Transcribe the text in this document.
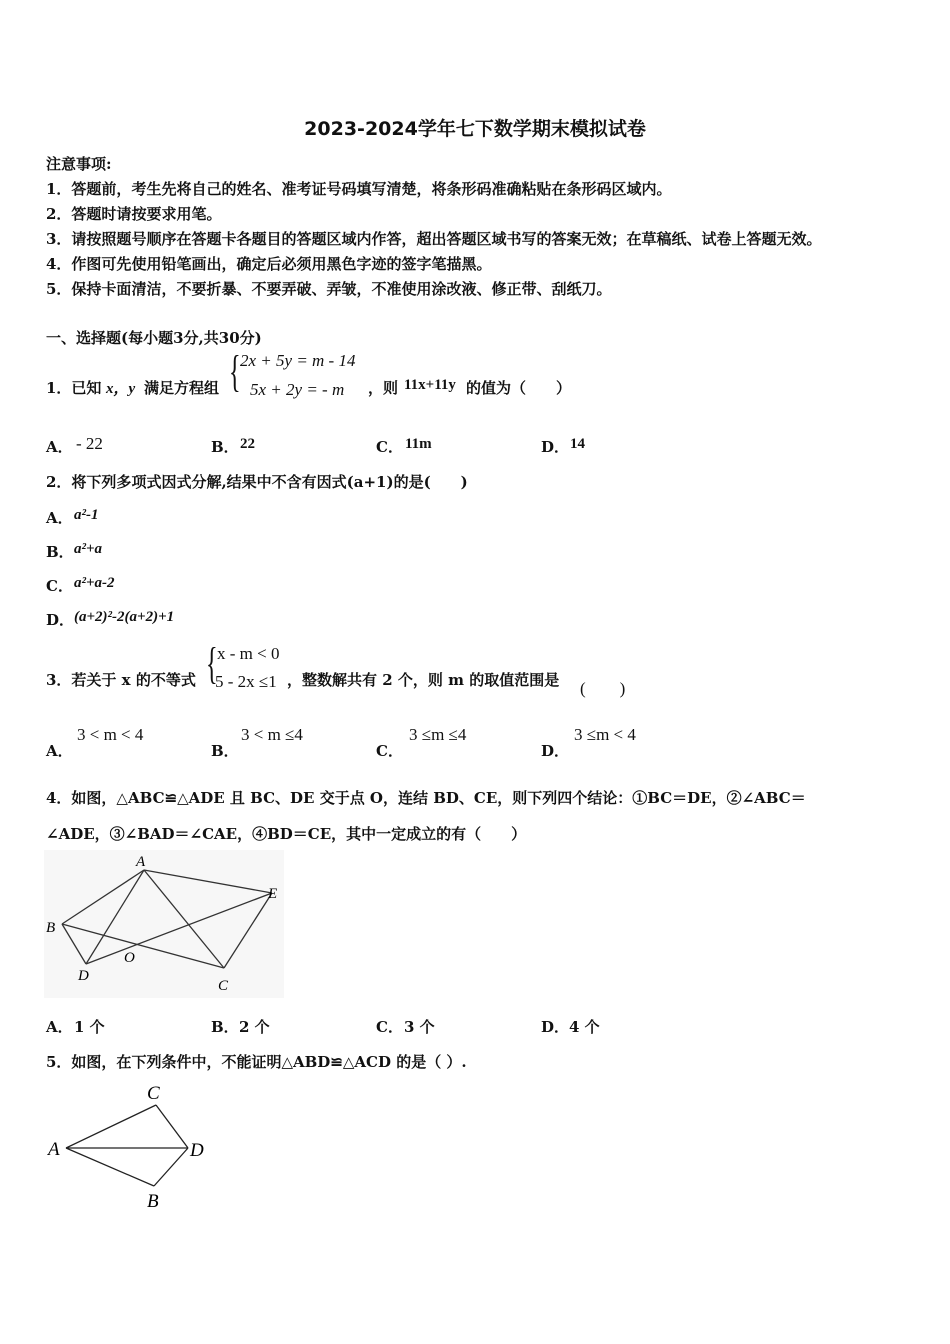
2023-2024学年七下数学期末模拟试卷
注意事项:
1．答题前，考生先将自己的姓名、准考证号码填写清楚，将条形码准确粘贴在条形码区域内。
2．答题时请按要求用笔。
3．请按照题号顺序在答题卡各题目的答题区域内作答，超出答题区域书写的答案无效；在草稿纸、试卷上答题无效。
4．作图可先使用铅笔画出，确定后必须用黑色字迹的签字笔描黑。
5．保持卡面清洁，不要折暴、不要弄破、弄皱，不准使用涂改液、修正带、刮纸刀。
一、选择题(每小题3分,共30分)
1．已知 x，y 满足方程组 { 2x + 5y = m - 14
5x + 2y = - m ，则 11x+11y 的值为（　　）
A． - 22	B． 22	C． 11m	D． 14
2．将下列多项式因式分解,结果中不含有因式(a+1)的是(　　)
A． a²-1
B． a²+a
C． a²+a-2
D． (a+2)²-2(a+2)+1
3．若关于 x 的不等式 { x - m < 0
5 - 2x ≤1 ，整数解共有 2 个，则 m 的取值范围是 (　　)
A．
3 < m < 4
B．
3 < m ≤4
C．
3 ≤m ≤4
D．
3 ≤m < 4
4．如图，△ABC≌△ADE 且 BC、DE 交于点 O，连结 BD、CE，则下列四个结论：①BC＝DE，②∠ABC＝
∠ADE，③∠BAD＝∠CAE，④BD＝CE，其中一定成立的有（　　）
A
B
C
D
E
O
A． 1 个	B． 2 个	C． 3 个	D． 4 个
5．如图，在下列条件中，不能证明△ABD≌△ACD 的是（ ）.
A
B
C
D
